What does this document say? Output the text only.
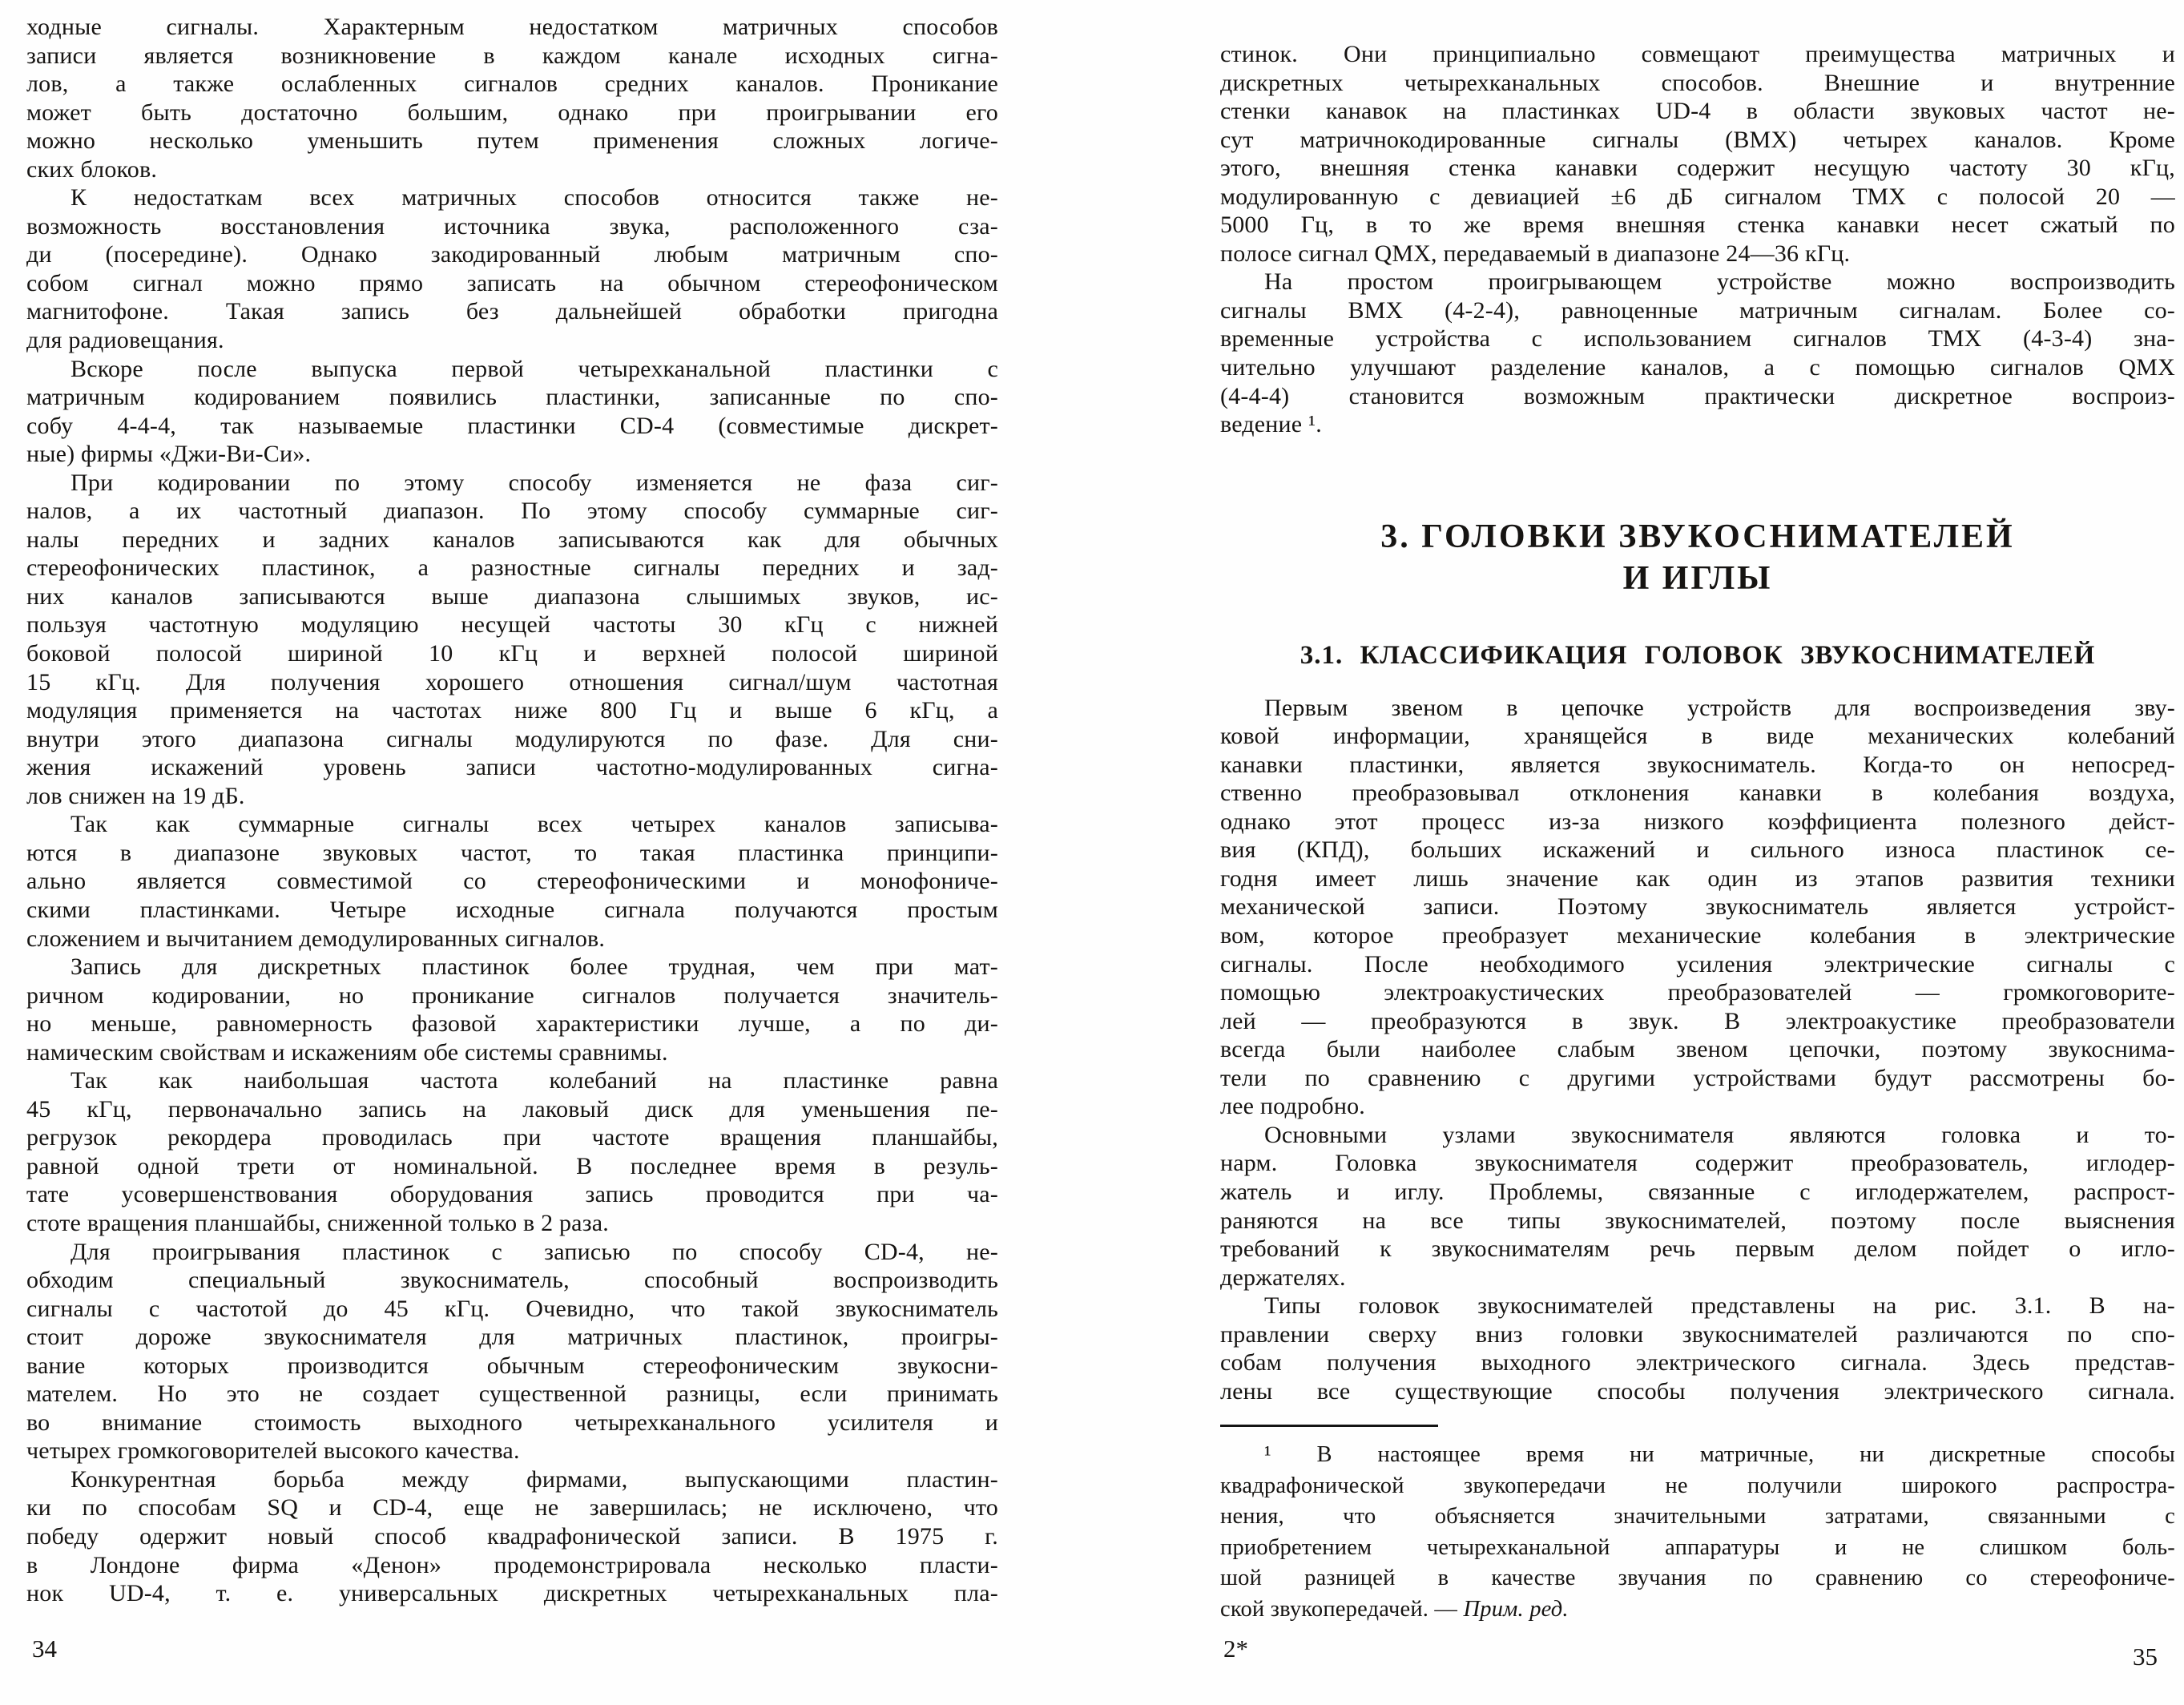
ходные сигналы. Характерным недостатком матричных способов
записи является возникновение в каждом канале исходных сигна-
лов, а также ослабленных сигналов средних каналов. Проникание
может быть достаточно большим, однако при проигрывании его
можно несколько уменьшить путем применения сложных логиче-
ских блоков.
К недостаткам всех матричных способов относится также не-
возможность восстановления источника звука, расположенного сза-
ди (посередине). Однако закодированный любым матричным спо-
собом сигнал можно прямо записать на обычном стереофоническом
магнитофоне. Такая запись без дальнейшей обработки пригодна
для радиовещания.
Вскоре после выпуска первой четырехканальной пластинки с
матричным кодированием появились пластинки, записанные по спо-
собу 4-4-4, так называемые пластинки CD-4 (совместимые дискрет-
ные) фирмы «Джи-Ви-Си».
При кодировании по этому способу изменяется не фаза сиг-
налов, а их частотный диапазон. По этому способу суммарные сиг-
налы передних и задних каналов записываются как для обычных
стереофонических пластинок, а разностные сигналы передних и зад-
них каналов записываются выше диапазона слышимых звуков, ис-
пользуя частотную модуляцию несущей частоты 30 кГц с нижней
боковой полосой шириной 10 кГц и верхней полосой шириной
15 кГц. Для получения хорошего отношения сигнал/шум частотная
модуляция применяется на частотах ниже 800 Гц и выше 6 кГц, а
внутри этого диапазона сигналы модулируются по фазе. Для сни-
жения искажений уровень записи частотно-модулированных сигна-
лов снижен на 19 дБ.
Так как суммарные сигналы всех четырех каналов записыва-
ются в диапазоне звуковых частот, то такая пластинка принципи-
ально является совместимой со стереофоническими и монофониче-
скими пластинками. Четыре исходные сигнала получаются простым
сложением и вычитанием демодулированных сигналов.
Запись для дискретных пластинок более трудная, чем при мат-
ричном кодировании, но проникание сигналов получается значитель-
но меньше, равномерность фазовой характеристики лучше, а по ди-
намическим свойствам и искажениям обе системы сравнимы.
Так как наибольшая частота колебаний на пластинке равна
45 кГц, первоначально запись на лаковый диск для уменьшения пе-
регрузок рекордера проводилась при частоте вращения планшайбы,
равной одной трети от номинальной. В последнее время в резуль-
тате усовершенствования оборудования запись проводится при ча-
стоте вращения планшайбы, сниженной только в 2 раза.
Для проигрывания пластинок с записью по способу CD-4, не-
обходим специальный звукосниматель, способный воспроизводить
сигналы с частотой до 45 кГц. Очевидно, что такой звукосниматель
стоит дороже звукоснимателя для матричных пластинок, проигры-
вание которых производится обычным стереофоническим звукосни-
мателем. Но это не создает существенной разницы, если принимать
во внимание стоимость выходного четырехканального усилителя и
четырех громкоговорителей высокого качества.
Конкурентная борьба между фирмами, выпускающими пластин-
ки по способам SQ и CD-4, еще не завершилась; не исключено, что
победу одержит новый способ квадрафонической записи. В 1975 г.
в Лондоне фирма «Денон» продемонстрировала несколько пласти-
нок UD-4, т. е. универсальных дискретных четырехканальных пла-
стинок. Они принципиально совмещают преимущества матричных и
дискретных четырехканальных способов. Внешние и внутренние
стенки канавок на пластинках UD-4 в области звуковых частот не-
сут матричнокодированные сигналы (ВМХ) четырех каналов. Кроме
этого, внешняя стенка канавки содержит несущую частоту 30 кГц,
модулированную с девиацией ±6 дБ сигналом ТМХ с полосой 20 —
5000 Гц, в то же время внешняя стенка канавки несет сжатый по
полосе сигнал QMX, передаваемый в диапазоне 24—36 кГц.
На простом проигрывающем устройстве можно воспроизводить
сигналы ВМХ (4-2-4), равноценные матричным сигналам. Более со-
временные устройства с использованием сигналов ТМХ (4-3-4) зна-
чительно улучшают разделение каналов, а с помощью сигналов QMX
(4-4-4) становится возможным практически дискретное воспроиз-
ведение ¹.
3. ГОЛОВКИ ЗВУКОСНИМАТЕЛЕЙ
И ИГЛЫ
3.1. КЛАССИФИКАЦИЯ ГОЛОВОК ЗВУКОСНИМАТЕЛЕЙ
Первым звеном в цепочке устройств для воспроизведения зву-
ковой информации, хранящейся в виде механических колебаний
канавки пластинки, является звукосниматель. Когда-то он непосред-
ственно преобразовывал отклонения канавки в колебания воздуха,
однако этот процесс из-за низкого коэффициента полезного дейст-
вия (КПД), больших искажений и сильного износа пластинок се-
годня имеет лишь значение как один из этапов развития техники
механической записи. Поэтому звукосниматель является устройст-
вом, которое преобразует механические колебания в электрические
сигналы. После необходимого усиления электрические сигналы с
помощью электроакустических преобразователей — громкоговорите-
лей — преобразуются в звук. В электроакустике преобразователи
всегда были наиболее слабым звеном цепочки, поэтому звукоснима-
тели по сравнению с другими устройствами будут рассмотрены бо-
лее подробно.
Основными узлами звукоснимателя являются головка и то-
нарм. Головка звукоснимателя содержит преобразователь, иглодер-
жатель и иглу. Проблемы, связанные с иглодержателем, распрост-
раняются на все типы звукоснимателей, поэтому после выяснения
требований к звукоснимателям речь первым делом пойдет о игло-
держателях.
Типы головок звукоснимателей представлены на рис. 3.1. В на-
правлении сверху вниз головки звукоснимателей различаются по спо-
собам получения выходного электрического сигнала. Здесь представ-
лены все существующие способы получения электрического сигнала.
¹ В настоящее время ни матричные, ни дискретные способы
квадрафонической звукопередачи не получили широкого распростра-
нения, что объясняется значительными затратами, связанными с
приобретением четырехканальной аппаратуры и не слишком боль-
шой разницей в качестве звучания по сравнению со стереофониче-
ской звукопередачей. — Прим. ред.
34	2*	35
